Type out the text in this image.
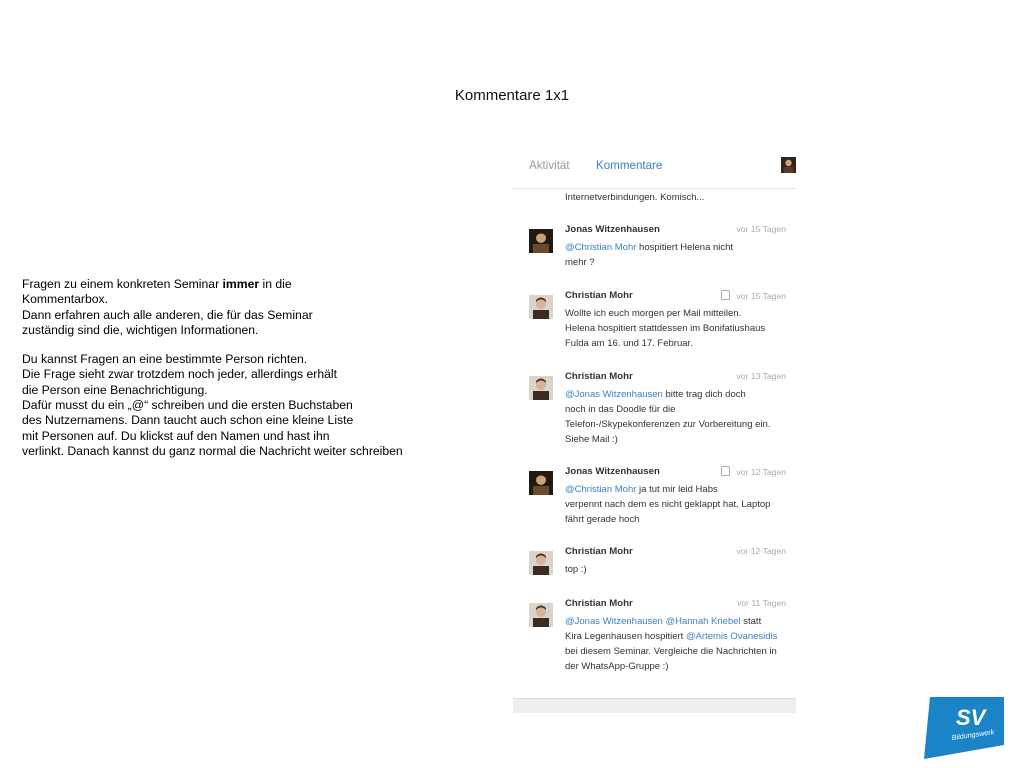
Kommentare 1x1

Fragen zu einem konkreten Seminar immer in die
Kommentarbox.
Dann erfahren auch alle anderen, die für das Seminar
zuständig sind die, wichtigen Informationen.

Du kannst Fragen an eine bestimmte Person richten.
Die Frage sieht zwar trotzdem noch jeder, allerdings erhält
die Person eine Benachrichtigung.
Dafür musst du ein „@“ schreiben und die ersten Buchstaben
des Nutzernamens. Dann taucht auch schon eine kleine Liste
mit Personen auf. Du klickst auf den Namen und hast ihn
verlinkt. Danach kannst du ganz normal die Nachricht weiter schreiben

Aktivität Kommentare
Internetverbindungen. Komisch...
Jonas Witzenhausen	vor 15 Tagen
@Christian Mohr hospitiert Helena nicht
mehr ?
Christian Mohr	vor 15 Tagen
Wollte ich euch morgen per Mail mitteilen.
Helena hospitiert stattdessen im Bonifatiushaus
Fulda am 16. und 17. Februar.
Christian Mohr	vor 13 Tagen
@Jonas Witzenhausen bitte trag dich doch
noch in das Doodle für die
Telefon-/Skypekonferenzen zur Vorbereitung ein.
Siehe Mail :)
Jonas Witzenhausen	vor 12 Tagen
@Christian Mohr ja tut mir leid Habs
verpennt nach dem es nicht geklappt hat. Laptop
fährt gerade hoch
Christian Mohr	vor 12 Tagen
top :)
Christian Mohr	vor 11 Tagen
@Jonas Witzenhausen @Hannah Kriebel statt
Kira Legenhausen hospitiert @Artemis Ovanesidis
bei diesem Seminar. Vergleiche die Nachrichten in
der WhatsApp-Gruppe :)
SV
Bildungswerk
